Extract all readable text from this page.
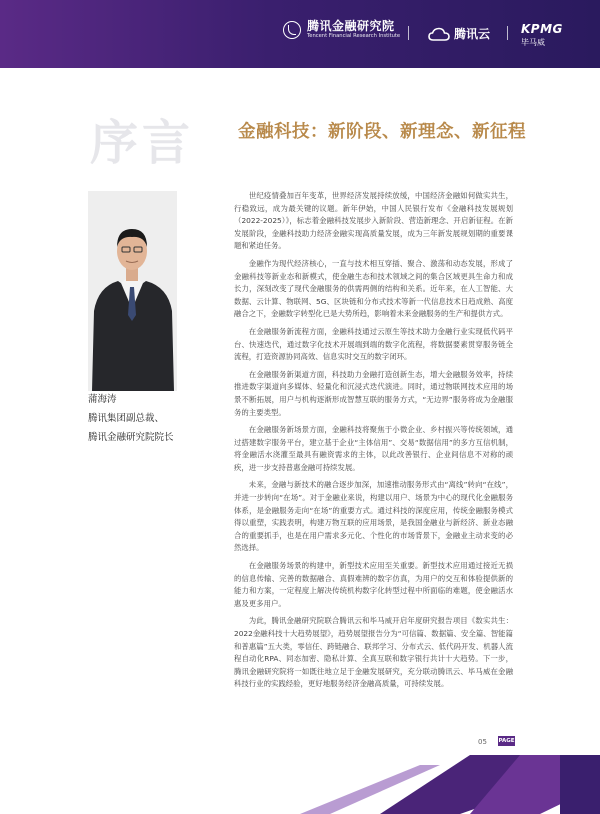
腾讯金融研究院
Tencent Financial Research Institute	腾讯云	KPMG
毕马威
序言	金融科技：新阶段、新理念、新征程
蒲海涛
腾讯集团副总裁、
腾讯金融研究院院长

世纪疫情叠加百年变革，世界经济发展持续放缓，中国经济金融如何做实共生，行稳致远，成为最关键的议题。新年伊始，中国人民银行发布《金融科技发展规划（2022-2025）》，标志着金融科技发展步入新阶段、营造新理念、开启新征程。在新发展阶段，金融科技助力经济金融实现高质量发展，成为三年新发展规划期的重要课题和紧迫任务。

金融作为现代经济核心，一直与技术相互穿插、聚合、激荡和动态发展，形成了金融科技等新业态和新模式，使金融生态和技术领域之间的集合区域更具生命力和成长力，深刻改变了现代金融服务的供需两侧的结构和关系。近年来，在人工智能、大数据、云计算、物联网、5G、区块链和分布式技术等新一代信息技术日趋成熟、高度融合之下，金融数字转型化已是大势所趋，影响着未来金融服务的生产和提供方式。

在金融服务新流程方面，金融科技通过云原生等技术助力金融行业实现低代码平台、快速迭代，通过数字化技术开展端到端的数字化流程，将数据要素贯穿服务链全流程，打造资源协同高效、信息实时交互的数字闭环。

在金融服务新渠道方面，科技助力金融打造创新生态，增大金融服务效率，持续推进数字渠道向多媒体、轻量化和沉浸式迭代演进。同时，通过物联网技术应用的场景不断拓展，用户与机构逐渐形成智慧互联的服务方式，“无边界”服务将成为金融服务的主要类型。

在金融服务新场景方面，金融科技将聚焦于小微企业、乡村振兴等传统领域，通过搭建数字服务平台，建立基于企业“主体信用”、交易“数据信用”的多方互信机制，将金融活水浇灌至最具有融资需求的主体，以此改善银行、企业间信息不对称的顽疾，进一步支持普惠金融可持续发展。

未来，金融与新技术的融合逐步加深，加速推动服务形式由“离线”转向“在线”，并进一步转向“在场”。对于金融业来说，构建以用户、场景为中心的现代化金融服务体系，是金融服务走向“在场”的重要方式。通过科技的深度应用，传统金融服务模式得以重塑，实践表明，构建万物互联的应用场景，是我国金融业与新经济、新业态融合的重要抓手，也是在用户需求多元化、个性化的市场背景下，金融业主动求变的必然选择。

在金融服务场景的构建中，新型技术应用至关重要。新型技术应用通过接近无损的信息传输、完善的数据融合、真假难辨的数字仿真，为用户的交互和体验提供新的能力和方案，一定程度上解决传统机构数字化转型过程中所面临的难题，使金融活水惠及更多用户。

为此，腾讯金融研究院联合腾讯云和毕马威开启年度研究报告项目《数实共生：2022金融科技十大趋势展望》，趋势展望报告分为“可信篇、数据篇、安全篇、智能篇和普惠篇”五大类，零信任、跨链融合、联邦学习、分布式云、低代码开发、机器人流程自动化RPA、同态加密、隐私计算、全真互联和数字银行共计十大趋势。下一步，腾讯金融研究院将一如既往地立足于金融发展研究，充分联动腾讯云、毕马威在金融科技行业的实践经验，更好地服务经济金融高质量，可持续发展。

05 PAGE
